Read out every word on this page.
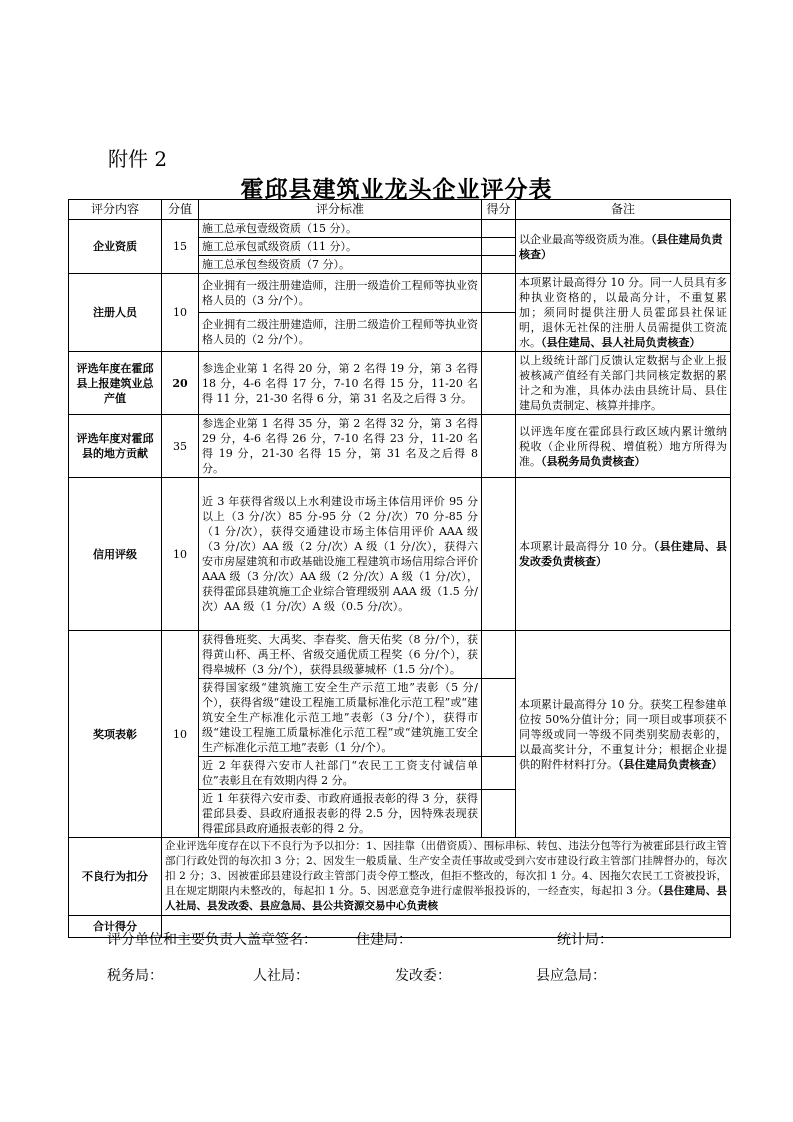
附件 2
霍邱县建筑业龙头企业评分表
评分内容	分值	评分标准	得分	备注
企业资质	15	施工总承包壹级资质（15 分）。		以企业最高等级资质为准。（县住建局负责核查）
		施工总承包贰级资质（11 分）。		
		施工总承包叁级资质（7 分）。		
注册人员	10	企业拥有一级注册建造师，注册一级造价工程师等执业资格人员的（3 分/个）。		本项累计最高得分 10 分。同一人员具有多种执业资格的，以最高分计，不重复累加；须同时提供注册人员霍邱县社保证明，退休无社保的注册人员需提供工资流水。（县住建局、县人社局负责核查）
		企业拥有二级注册建造师，注册二级造价工程师等执业资格人员的（2 分/个）。		
评选年度在霍邱县上报建筑业总产值	20	参选企业第 1 名得 20 分，第 2 名得 19 分，第 3 名得 18 分，4-6 名得 17 分，7-10 名得 15 分，11-20 名得 11 分，21-30 名得 6 分，第 31 名及之后得 3 分。		以上级统计部门反馈认定数据与企业上报被核减产值经有关部门共同核定数据的累计之和为准，具体办法由县统计局、县住建局负责制定、核算并排序。
评选年度对霍邱县的地方贡献	35	参选企业第 1 名得 35 分，第 2 名得 32 分，第 3 名得 29 分，4-6 名得 26 分，7-10 名得 23 分，11-20 名得 19 分，21-30 名得 15 分，第 31 名及之后得 8 分。		以评选年度在霍邱县行政区域内累计缴纳税收（企业所得税、增值税）地方所得为准。（县税务局负责核查）
信用评级	10	近 3 年获得省级以上水利建设市场主体信用评价 95 分以上（3 分/次）85 分-95 分（2 分/次）70 分-85 分（1 分/次），获得交通建设市场主体信用评价 AAA 级（3 分/次）AA 级（2 分/次）A 级（1 分/次），获得六安市房屋建筑和市政基础设施工程建筑市场信用综合评价 AAA 级（3 分/次）AA 级（2 分/次）A 级（1 分/次），获得霍邱县建筑施工企业综合管理级别 AAA 级（1.5 分/次）AA 级（1 分/次）A 级（0.5 分/次）。		本项累计最高得分 10 分。（县住建局、县发改委负责核查）
奖项表彰	10	获得鲁班奖、大禹奖、李春奖、詹天佑奖（8 分/个），获得黄山杯、禹王杯、省级交通优质工程奖（6 分/个），获得皋城杯（3 分/个），获得县级蓼城杯（1.5 分/个）。		本项累计最高得分 10 分。获奖工程参建单位按 50%分值计分；同一项目或事项获不同等级或同一等级不同类别奖励表彰的，以最高奖计分，不重复计分；根据企业提供的附件材料打分。（县住建局负责核查）
		获得国家级“建筑施工安全生产示范工地”表彰（5 分/个），获得省级“建设工程施工质量标准化示范工程”或“建筑安全生产标准化示范工地”表彰（3 分/个），获得市级“建设工程施工质量标准化示范工程”或“建筑施工安全生产标准化示范工地”表彰（1 分/个）。		
		近 2 年获得六安市人社部门“农民工工资支付诚信单位”表彰且在有效期内得 2 分。		
		近 1 年获得六安市委、市政府通报表彰的得 3 分，获得霍邱县委、县政府通报表彰的得 2.5 分，因特殊表现获得霍邱县政府通报表彰的得 2 分。		
不良行为扣分	企业评选年度存在以下不良行为予以扣分：1、因挂靠（出借资质）、围标串标、转包、违法分包等行为被霍邱县行政主管部门行政处罚的每次扣 3 分；2、因发生一般质量、生产安全责任事故或受到六安市建设行政主管部门挂牌督办的，每次扣 2 分；3、因被霍邱县建设行政主管部门责令停工整改，但拒不整改的，每次扣 1 分。4、因拖欠农民工工资被投诉，且在规定期限内未整改的，每起扣 1 分。5、因恶意竞争进行虚假举报投诉的，一经查实，每起扣 3 分。（县住建局、县人社局、县发改委、县应急局、县公共资源交易中心负责核			
合计得分				
评分单位和主要负责人盖章签名：	住建局：	统计局：
税务局：	人社局：	发改委：	县应急局：
